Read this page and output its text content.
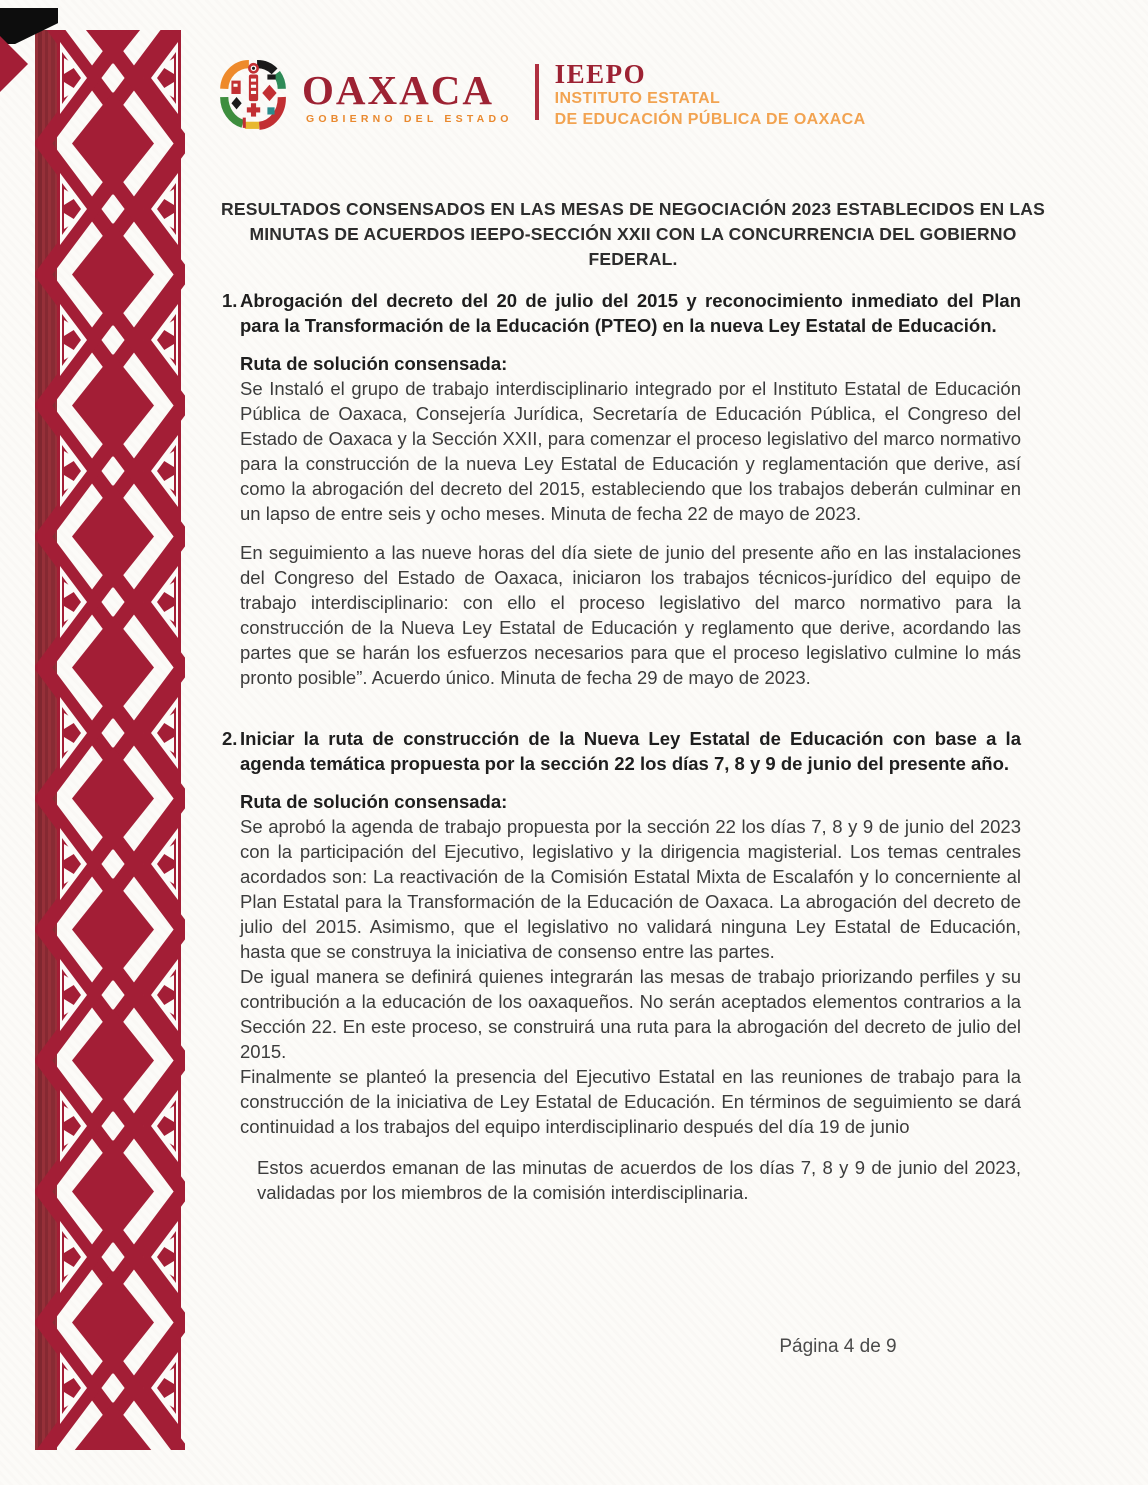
OAXACA
GOBIERNO DEL ESTADO
IEEPO
INSTITUTO ESTATAL
DE EDUCACIÓN PÚBLICA DE OAXACA
RESULTADOS CONSENSADOS EN LAS MESAS DE NEGOCIACIÓN 2023 ESTABLECIDOS EN LAS MINUTAS DE ACUERDOS IEEPO-SECCIÓN XXII CON LA CONCURRENCIA DEL GOBIERNO FEDERAL.
1. Abrogación del decreto del 20 de julio del 2015 y reconocimiento inmediato del Plan para la Transformación de la Educación (PTEO) en la nueva Ley Estatal de Educación.

Ruta de solución consensada:

Se Instaló el grupo de trabajo interdisciplinario integrado por el Instituto Estatal de Educación Pública de Oaxaca, Consejería Jurídica, Secretaría de Educación Pública, el Congreso del Estado de Oaxaca y la Sección XXII, para comenzar el proceso legislativo del marco normativo para la construcción de la nueva Ley Estatal de Educación y reglamentación que derive, así como la abrogación del decreto del 2015, estableciendo que los trabajos deberán culminar en un lapso de entre seis y ocho meses. Minuta de fecha 22 de mayo de 2023.

En seguimiento a las nueve horas del día siete de junio del presente año en las instalaciones del Congreso del Estado de Oaxaca, iniciaron los trabajos técnicos-jurídico del equipo de trabajo interdisciplinario: con ello el proceso legislativo del marco normativo para la construcción de la Nueva Ley Estatal de Educación y reglamento que derive, acordando las partes que se harán los esfuerzos necesarios para que el proceso legislativo culmine lo más pronto posible”. Acuerdo único. Minuta de fecha 29 de mayo de 2023.

2. Iniciar la ruta de construcción de la Nueva Ley Estatal de Educación con base a la agenda temática propuesta por la sección 22 los días 7, 8 y 9 de junio del presente año.

Ruta de solución consensada:

Se aprobó la agenda de trabajo propuesta por la sección 22 los días 7, 8 y 9 de junio del 2023 con la participación del Ejecutivo, legislativo y la dirigencia magisterial. Los temas centrales acordados son: La reactivación de la Comisión Estatal Mixta de Escalafón y lo concerniente al Plan Estatal para la Transformación de la Educación de Oaxaca. La abrogación del decreto de julio del 2015. Asimismo, que el legislativo no validará ninguna Ley Estatal de Educación, hasta que se construya la iniciativa de consenso entre las partes.

De igual manera se definirá quienes integrarán las mesas de trabajo priorizando perfiles y su contribución a la educación de los oaxaqueños. No serán aceptados elementos contrarios a la Sección 22. En este proceso, se construirá una ruta para la abrogación del decreto de julio del 2015.

Finalmente se planteó la presencia del Ejecutivo Estatal en las reuniones de trabajo para la construcción de la iniciativa de Ley Estatal de Educación. En términos de seguimiento se dará continuidad a los trabajos del equipo interdisciplinario después del día 19 de junio

Estos acuerdos emanan de las minutas de acuerdos de los días 7, 8 y 9 de junio del 2023, validadas por los miembros de la comisión interdisciplinaria.

Página 4 de 9
